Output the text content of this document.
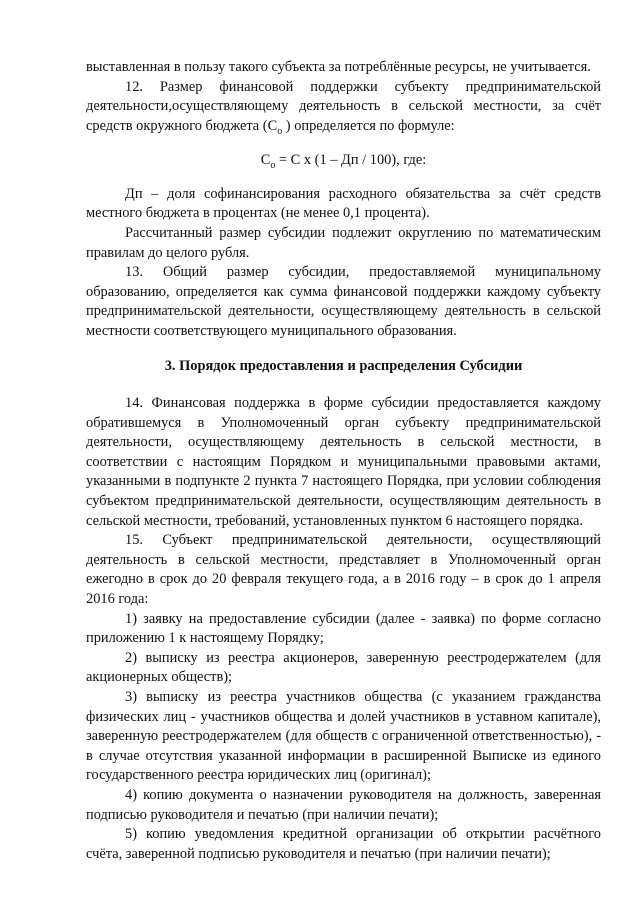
выставленная в пользу такого субъекта за потреблённые ресурсы, не учитывается.

12. Размер финансовой поддержки субъекту предпринимательской деятельности,осуществляющему деятельность в сельской местности, за счёт средств окружного бюджета ($С_о$ ) определяется по формуле:

$С_о = С$ х (1 – Дп / 100), где:

Дп – доля софинансирования расходного обязательства за счёт средств местного бюджета в процентах (не менее 0,1 процента).

Рассчитанный размер субсидии подлежит округлению по математическим правилам до целого рубля.

13. Общий размер субсидии, предоставляемой муниципальному образованию, определяется как сумма финансовой поддержки каждому субъекту предпринимательской деятельности, осуществляющему деятельность в сельской местности соответствующего муниципального образования.

3. Порядок предоставления и распределения Субсидии

14. Финансовая поддержка в форме субсидии предоставляется каждому обратившемуся в Уполномоченный орган субъекту предпринимательской деятельности, осуществляющему деятельность в сельской местности, в соответствии с настоящим Порядком и муниципальными правовыми актами, указанными в подпункте 2 пункта 7 настоящего Порядка, при условии соблюдения субъектом предпринимательской деятельности, осуществляющим деятельность в сельской местности, требований, установленных пунктом 6 настоящего порядка.

15. Субъект предпринимательской деятельности, осуществляющий деятельность в сельской местности, представляет в Уполномоченный орган ежегодно в срок до 20 февраля текущего года, а в 2016 году – в срок до 1 апреля 2016 года:

1) заявку на предоставление субсидии (далее - заявка) по форме согласно приложению 1 к настоящему Порядку;

2) выписку из реестра акционеров, заверенную реестродержателем (для акционерных обществ);

3) выписку из реестра участников общества (с указанием гражданства физических лиц - участников общества и долей участников в уставном капитале), заверенную реестродержателем (для обществ с ограниченной ответственностью), - в случае отсутствия указанной информации в расширенной Выписке из единого государственного реестра юридических лиц (оригинал);

4) копию документа о назначении руководителя на должность, заверенная подписью руководителя и печатью (при наличии печати);

5) копию уведомления кредитной организации об открытии расчётного счёта, заверенной подписью руководителя и печатью (при наличии печати);
